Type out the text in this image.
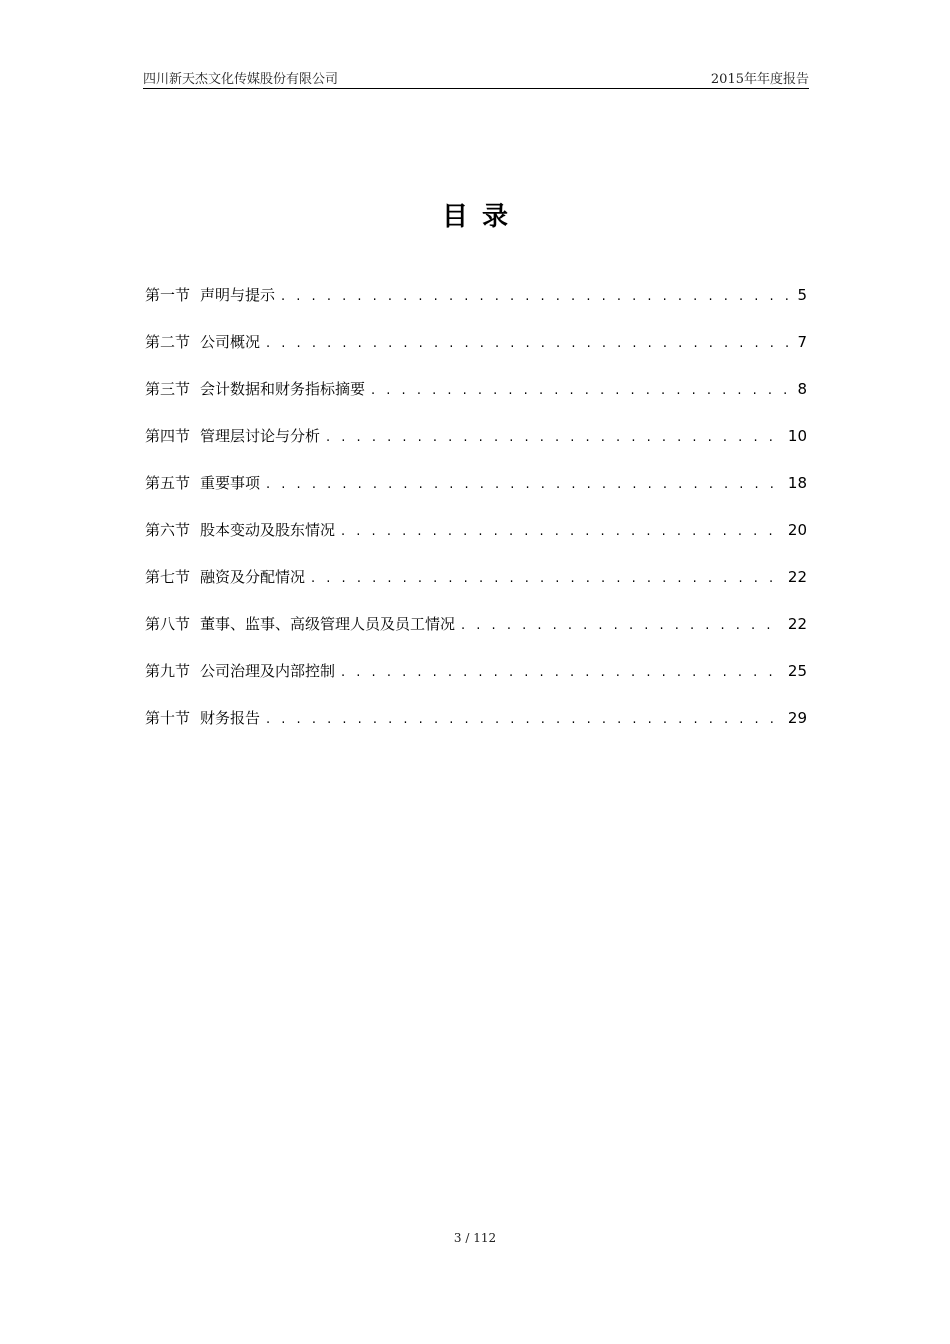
四川新天杰文化传媒股份有限公司	2015年年度报告
目录
第一节 声明与提示 . . .	5
第二节 公司概况 . . .	7
第三节 会计数据和财务指标摘要 . . .	8
第四节 管理层讨论与分析 . . .	10
第五节 重要事项 . . .	18
第六节 股本变动及股东情况 . . .	20
第七节 融资及分配情况 . . .	22
第八节 董事、监事、高级管理人员及员工情况 . . .	22
第九节 公司治理及内部控制 . . .	25
第十节 财务报告 . . .	29
3 / 112
